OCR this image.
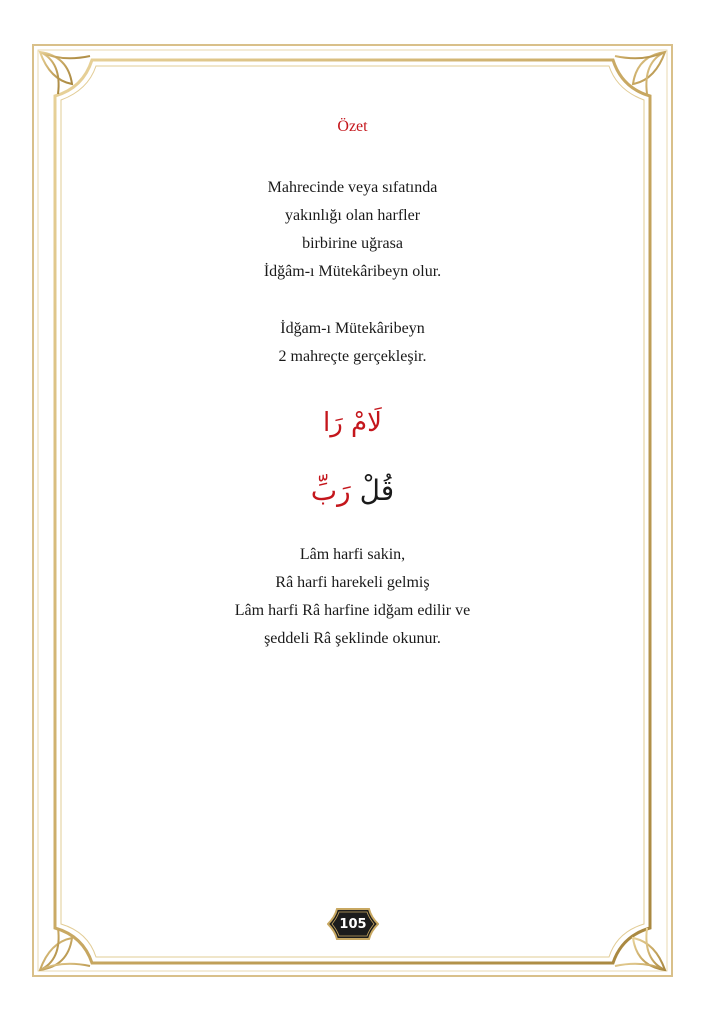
Özet
Mahrecinde veya sıfatında
yakınlığı olan harfler
birbirine uğrasa
İdğâm-ı Mütekâribeyn olur.
İdğam-ı Mütekâribeyn
2 mahreçte gerçekleşir.
لَامْ رَا
قُلْ رَبِّ
Lâm harfi sakin,
Râ harfi harekeli gelmiş
Lâm harfi Râ harfine idğam edilir ve
şeddeli Râ şeklinde okunur.
105
